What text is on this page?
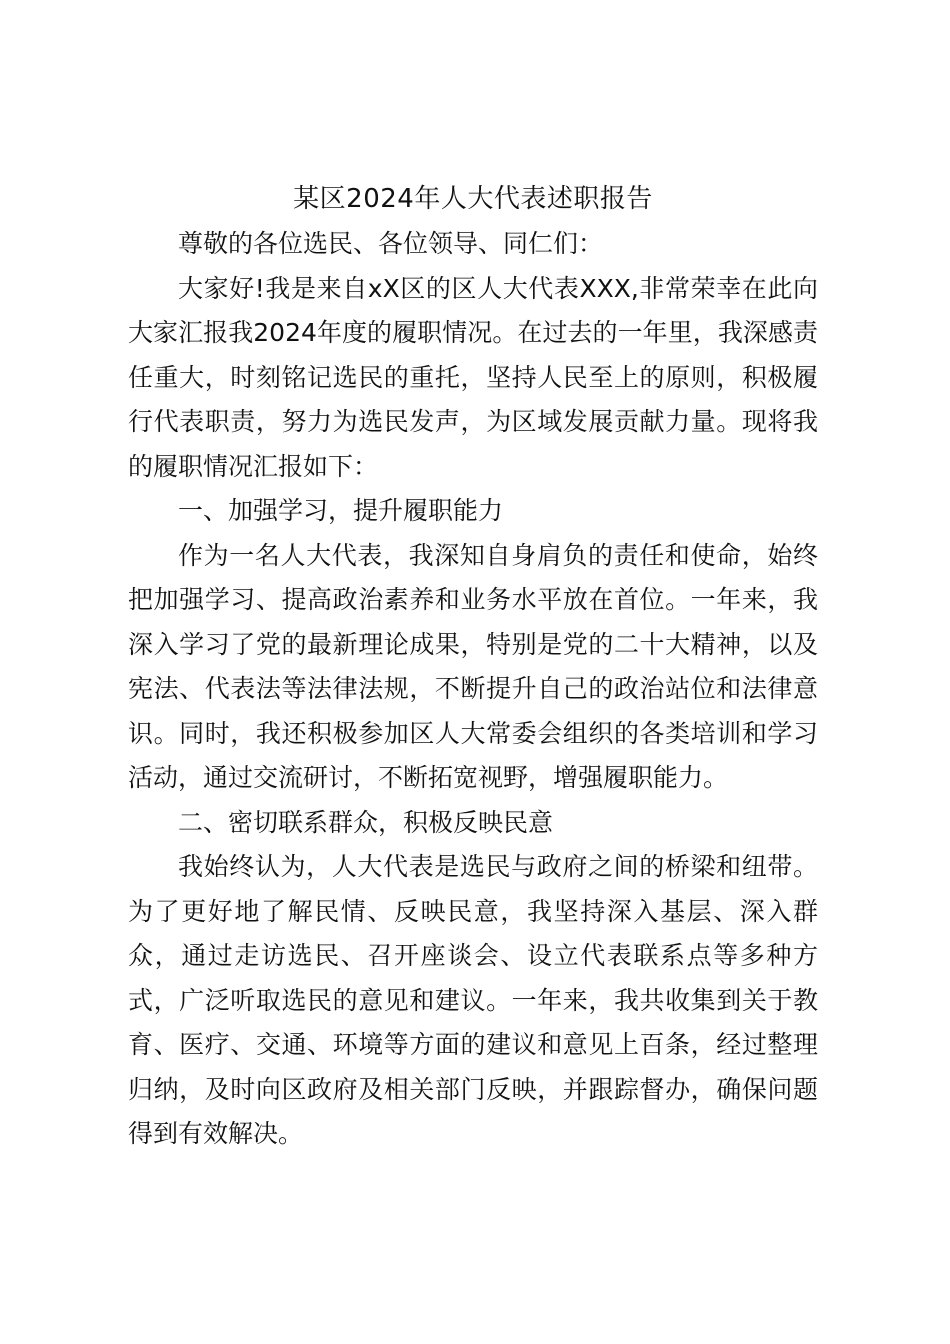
某区2024年人大代表述职报告

尊敬的各位选民、各位领导、同仁们：

大家好!我是来自xX区的区人大代表XXX,非常荣幸在此向大家汇报我2024年度的履职情况。在过去的一年里，我深感责任重大，时刻铭记选民的重托，坚持人民至上的原则，积极履行代表职责，努力为选民发声，为区域发展贡献力量。现将我的履职情况汇报如下：

一、加强学习，提升履职能力

作为一名人大代表，我深知自身肩负的责任和使命，始终把加强学习、提高政治素养和业务水平放在首位。一年来，我深入学习了党的最新理论成果，特别是党的二十大精神，以及宪法、代表法等法律法规，不断提升自己的政治站位和法律意识。同时，我还积极参加区人大常委会组织的各类培训和学习活动，通过交流研讨，不断拓宽视野，增强履职能力。

二、密切联系群众，积极反映民意

我始终认为，人大代表是选民与政府之间的桥梁和纽带。为了更好地了解民情、反映民意，我坚持深入基层、深入群众，通过走访选民、召开座谈会、设立代表联系点等多种方式，广泛听取选民的意见和建议。一年来，我共收集到关于教育、医疗、交通、环境等方面的建议和意见上百条，经过整理归纳，及时向区政府及相关部门反映，并跟踪督办，确保问题得到有效解决。
